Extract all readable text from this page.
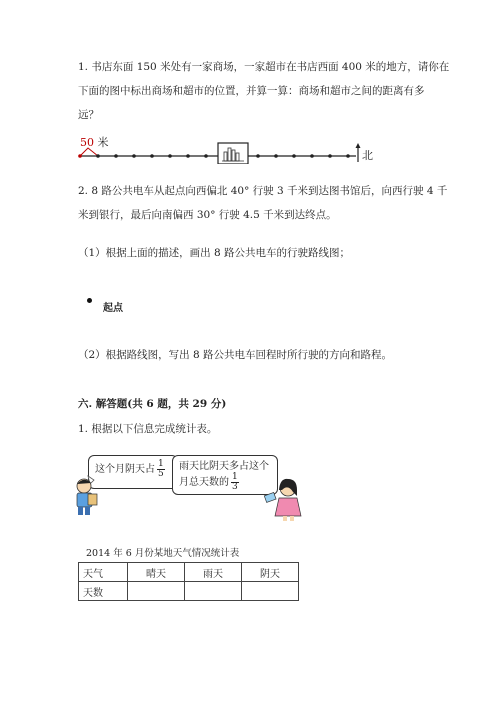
1. 书店东面 150 米处有一家商场，一家超市在书店西面 400 米的地方，请你在
下面的图中标出商场和超市的位置，并算一算：商场和超市之间的距离有多
远？
50 米
北
2. 8 路公共电车从起点向西偏北 40° 行驶 3 千米到达图书馆后，向西行驶 4 千
米到银行，最后向南偏西 30° 行驶 4.5 千米到达终点。
（1）根据上面的描述，画出 8 路公共电车的行驶路线图；
起点
（2）根据路线图，写出 8 路公共电车回程时所行驶的方向和路程。
六. 解答题(共 6 题，共 29 分)
1. 根据以下信息完成统计表。
这个月阴天占 $\frac{1}{5}$ 雨天比阴天多占这个
月总天数的 $\frac{1}{3}$
2014 年 6 月份某地天气情况统计表
天气	晴天	雨天	阴天
天数			
